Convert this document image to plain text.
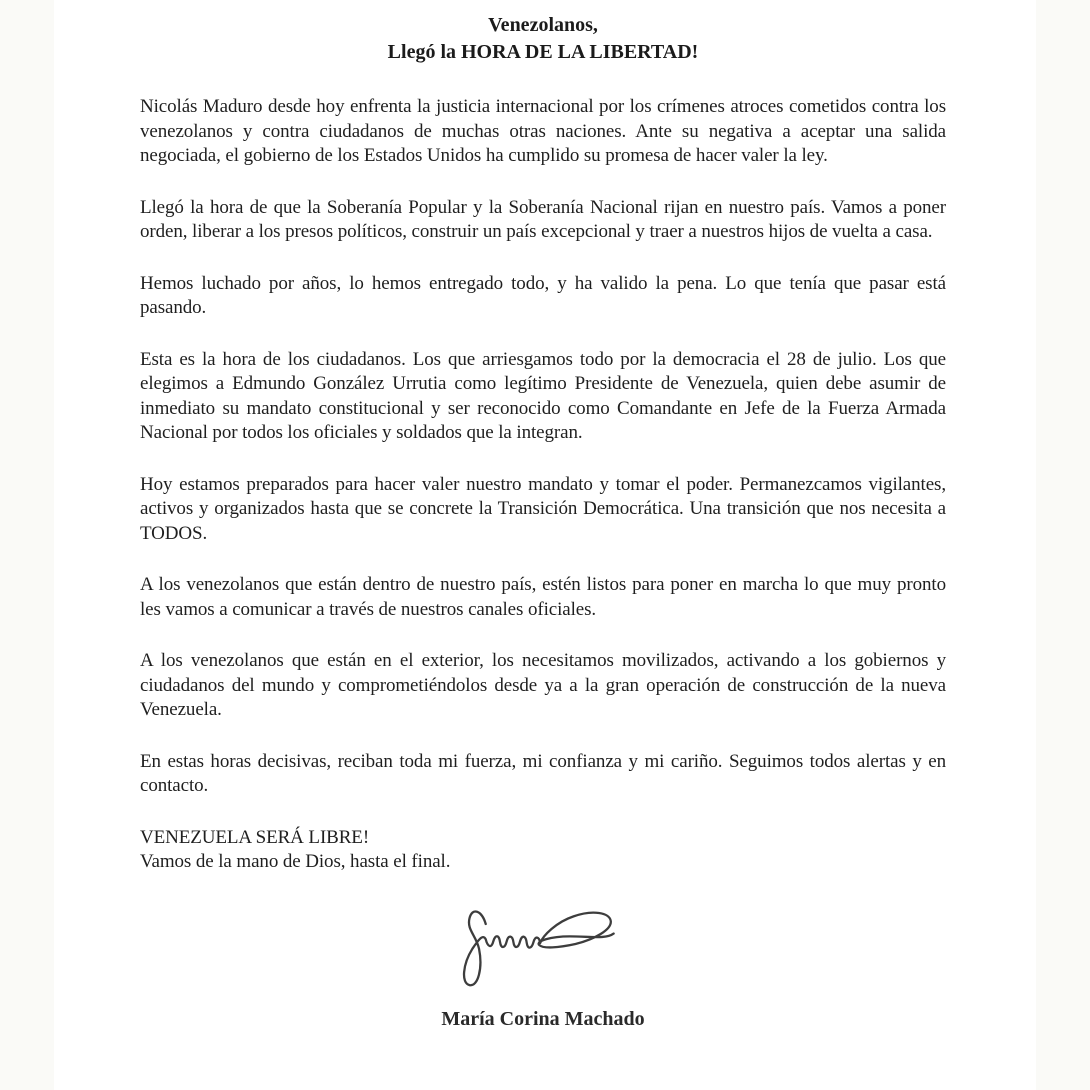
Venezolanos,
Llegó la HORA DE LA LIBERTAD!

Nicolás Maduro desde hoy enfrenta la justicia internacional por los crímenes atroces cometidos contra los venezolanos y contra ciudadanos de muchas otras naciones. Ante su negativa a aceptar una salida negociada, el gobierno de los Estados Unidos ha cumplido su promesa de hacer valer la ley.

Llegó la hora de que la Soberanía Popular y la Soberanía Nacional rijan en nuestro país. Vamos a poner orden, liberar a los presos políticos, construir un país excepcional y traer a nuestros hijos de vuelta a casa.

Hemos luchado por años, lo hemos entregado todo, y ha valido la pena. Lo que tenía que pasar está pasando.

Esta es la hora de los ciudadanos. Los que arriesgamos todo por la democracia el 28 de julio. Los que elegimos a Edmundo González Urrutia como legítimo Presidente de Venezuela, quien debe asumir de inmediato su mandato constitucional y ser reconocido como Comandante en Jefe de la Fuerza Armada Nacional por todos los oficiales y soldados que la integran.

Hoy estamos preparados para hacer valer nuestro mandato y tomar el poder. Permanezcamos vigilantes, activos y organizados hasta que se concrete la Transición Democrática. Una transición que nos necesita a TODOS.

A los venezolanos que están dentro de nuestro país, estén listos para poner en marcha lo que muy pronto les vamos a comunicar a través de nuestros canales oficiales.

A los venezolanos que están en el exterior, los necesitamos movilizados, activando a los gobiernos y ciudadanos del mundo y comprometiéndolos desde ya a la gran operación de construcción de la nueva Venezuela.

En estas horas decisivas, reciban toda mi fuerza, mi confianza y mi cariño. Seguimos todos alertas y en contacto.

VENEZUELA SERÁ LIBRE!
Vamos de la mano de Dios, hasta el final.
María Corina Machado
